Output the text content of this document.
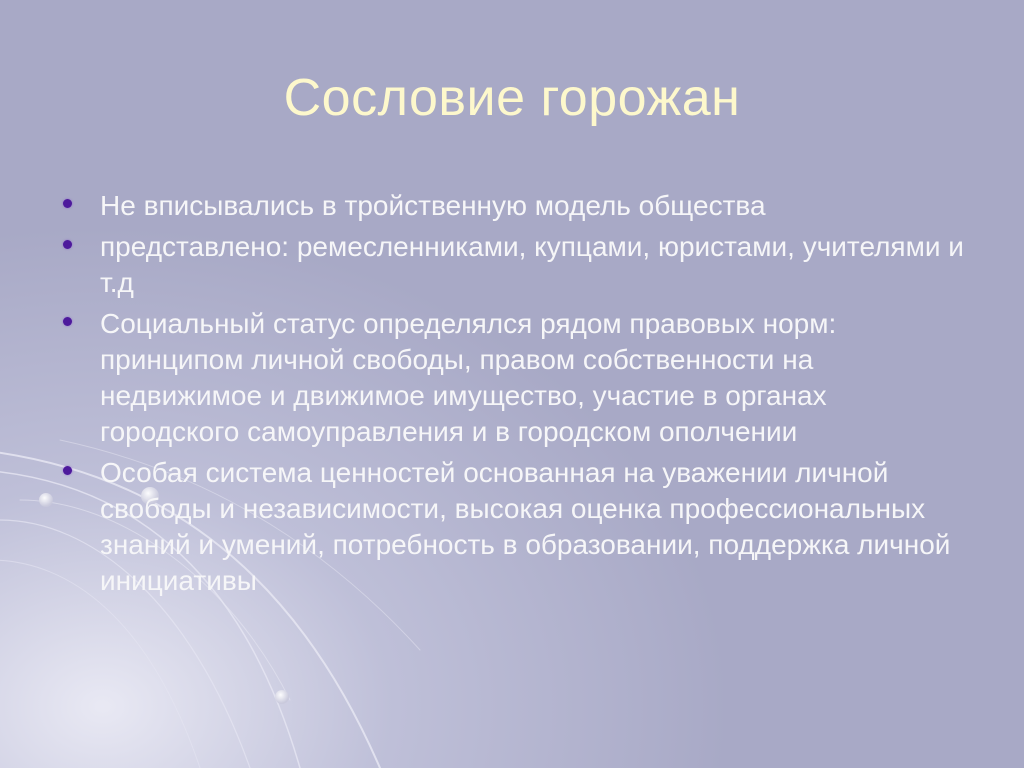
Сословие горожан
Не вписывались в тройственную модель общества
представлено: ремесленниками, купцами, юристами, учителями и т.д
Социальный статус определялся рядом правовых норм: принципом личной свободы, правом собственности на недвижимое и движимое имущество, участие в органах городского самоуправления и в городском ополчении
Особая система ценностей основанная на уважении личной свободы и независимости, высокая оценка профессиональных знаний и умений, потребность в образовании, поддержка личной инициативы
